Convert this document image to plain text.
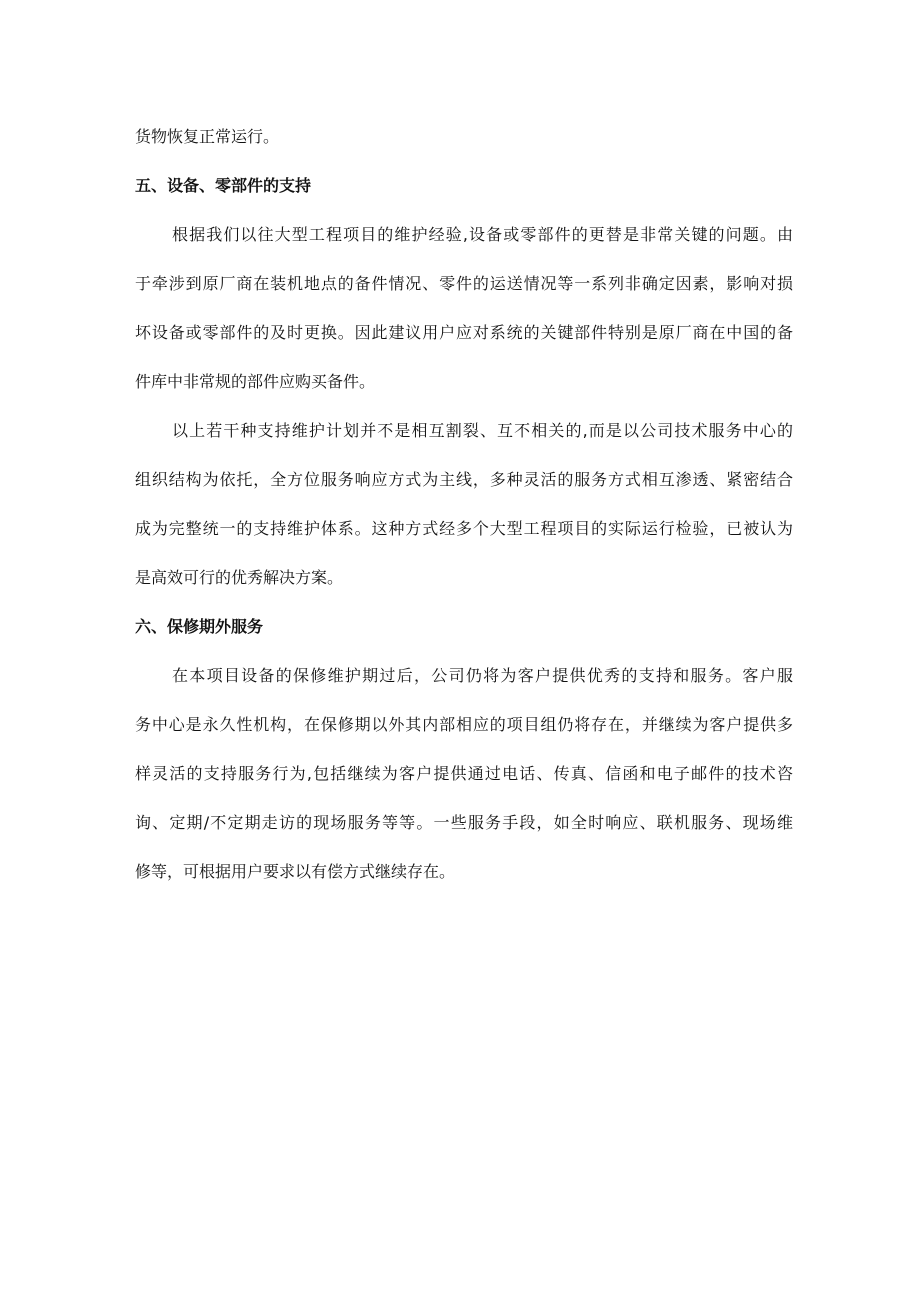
货物恢复正常运行。
五、设备、零部件的支持
根据我们以往大型工程项目的维护经验,设备或零部件的更替是非常关键的问题。由
于牵涉到原厂商在装机地点的备件情况、零件的运送情况等一系列非确定因素，影响对损
坏设备或零部件的及时更换。因此建议用户应对系统的关键部件特别是原厂商在中国的备
件库中非常规的部件应购买备件。
以上若干种支持维护计划并不是相互割裂、互不相关的,而是以公司技术服务中心的
组织结构为依托，全方位服务响应方式为主线，多种灵活的服务方式相互渗透、紧密结合
成为完整统一的支持维护体系。这种方式经多个大型工程项目的实际运行检验，已被认为
是高效可行的优秀解决方案。
六、保修期外服务
在本项目设备的保修维护期过后，公司仍将为客户提供优秀的支持和服务。客户服
务中心是永久性机构，在保修期以外其内部相应的项目组仍将存在，并继续为客户提供多
样灵活的支持服务行为,包括继续为客户提供通过电话、传真、信函和电子邮件的技术咨
询、定期/不定期走访的现场服务等等。一些服务手段，如全时响应、联机服务、现场维
修等，可根据用户要求以有偿方式继续存在。
